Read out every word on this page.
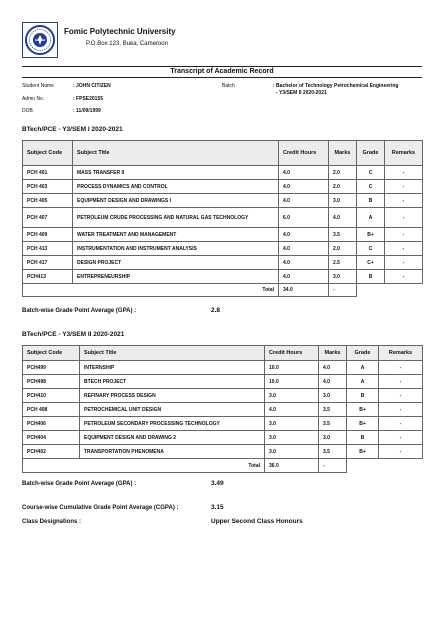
Fomic Polytechnic University
P.O.Box 123, Buea, Cameroon
Transcript of Academic Record
Student Name	: JOHN CITIZEN
Admn No.	: FPSE20155
DOB	: 11/09/1999
Batch	: Bachelor of Technology Petrochemical Engineering
- Y3/SEM II 2020-2021
BTech/PCE - Y3/SEM I 2020-2021
Subject Code	Subject Title	Credit Hours	Marks	Grade	Remarks
PCH 401	MASS TRANSFER II	4.0	2.0	C	-
PCH 403	PROCESS DYNAMICS AND CONTROL	4.0	2.0	C	-
PCH 405	EQUIPMENT DESIGN AND DRAWINGS I	4.0	3.0	B	-
PCH 407	PETROLEUM CRUDE PROCESSING AND NATURAL GAS TECHNOLOGY	6.0	4.0	A	-
PCH 409	WATER TREATMENT AND MANAGEMENT	4.0	3.5	B+	-
PCH 413	INSTRUMENTATION AND INSTRUMENT ANALYSIS	4.0	2.0	C	-
PCH 417	DESIGN PROJECT	4.0	2.5	C+	-
PCH413	ENTREPRENEURSHIP	4.0	3.0	B	-
	Total	34.0	-		
Batch-wise Grade Point Average (GPA) :	2.8
BTech/PCE - Y3/SEM II 2020-2021
Subject Code	Subject Title	Credit Hours	Marks	Grade	Remarks
PCH499	INTERNSHIP	10.0	4.0	A	-
PCH498	BTECH PROJECT	10.0	4.0	A	-
PCH410	REFINARY PROCESS DESIGN	3.0	3.0	B	-
PCH 408	PETROCHEMICAL UNIT DESIGN	4.0	3.5	B+	-
PCH406	PETROLEUM SECONDARY PROCESSING TECHNOLOGY	3.0	3.5	B+	-
PCH404	EQUIPMENT DESIGN AND DRAWING 2	3.0	3.0	B	-
PCH402	TRANSPORTATION PHENOMENA	3.0	3.5	B+	-
	Total	36.0	-		
Batch-wise Grade Point Average (GPA) :	3.49
Course-wise Cumulative Grade Point Average (CGPA) :	3.15
Class Designations :	Upper Second Class Honours
